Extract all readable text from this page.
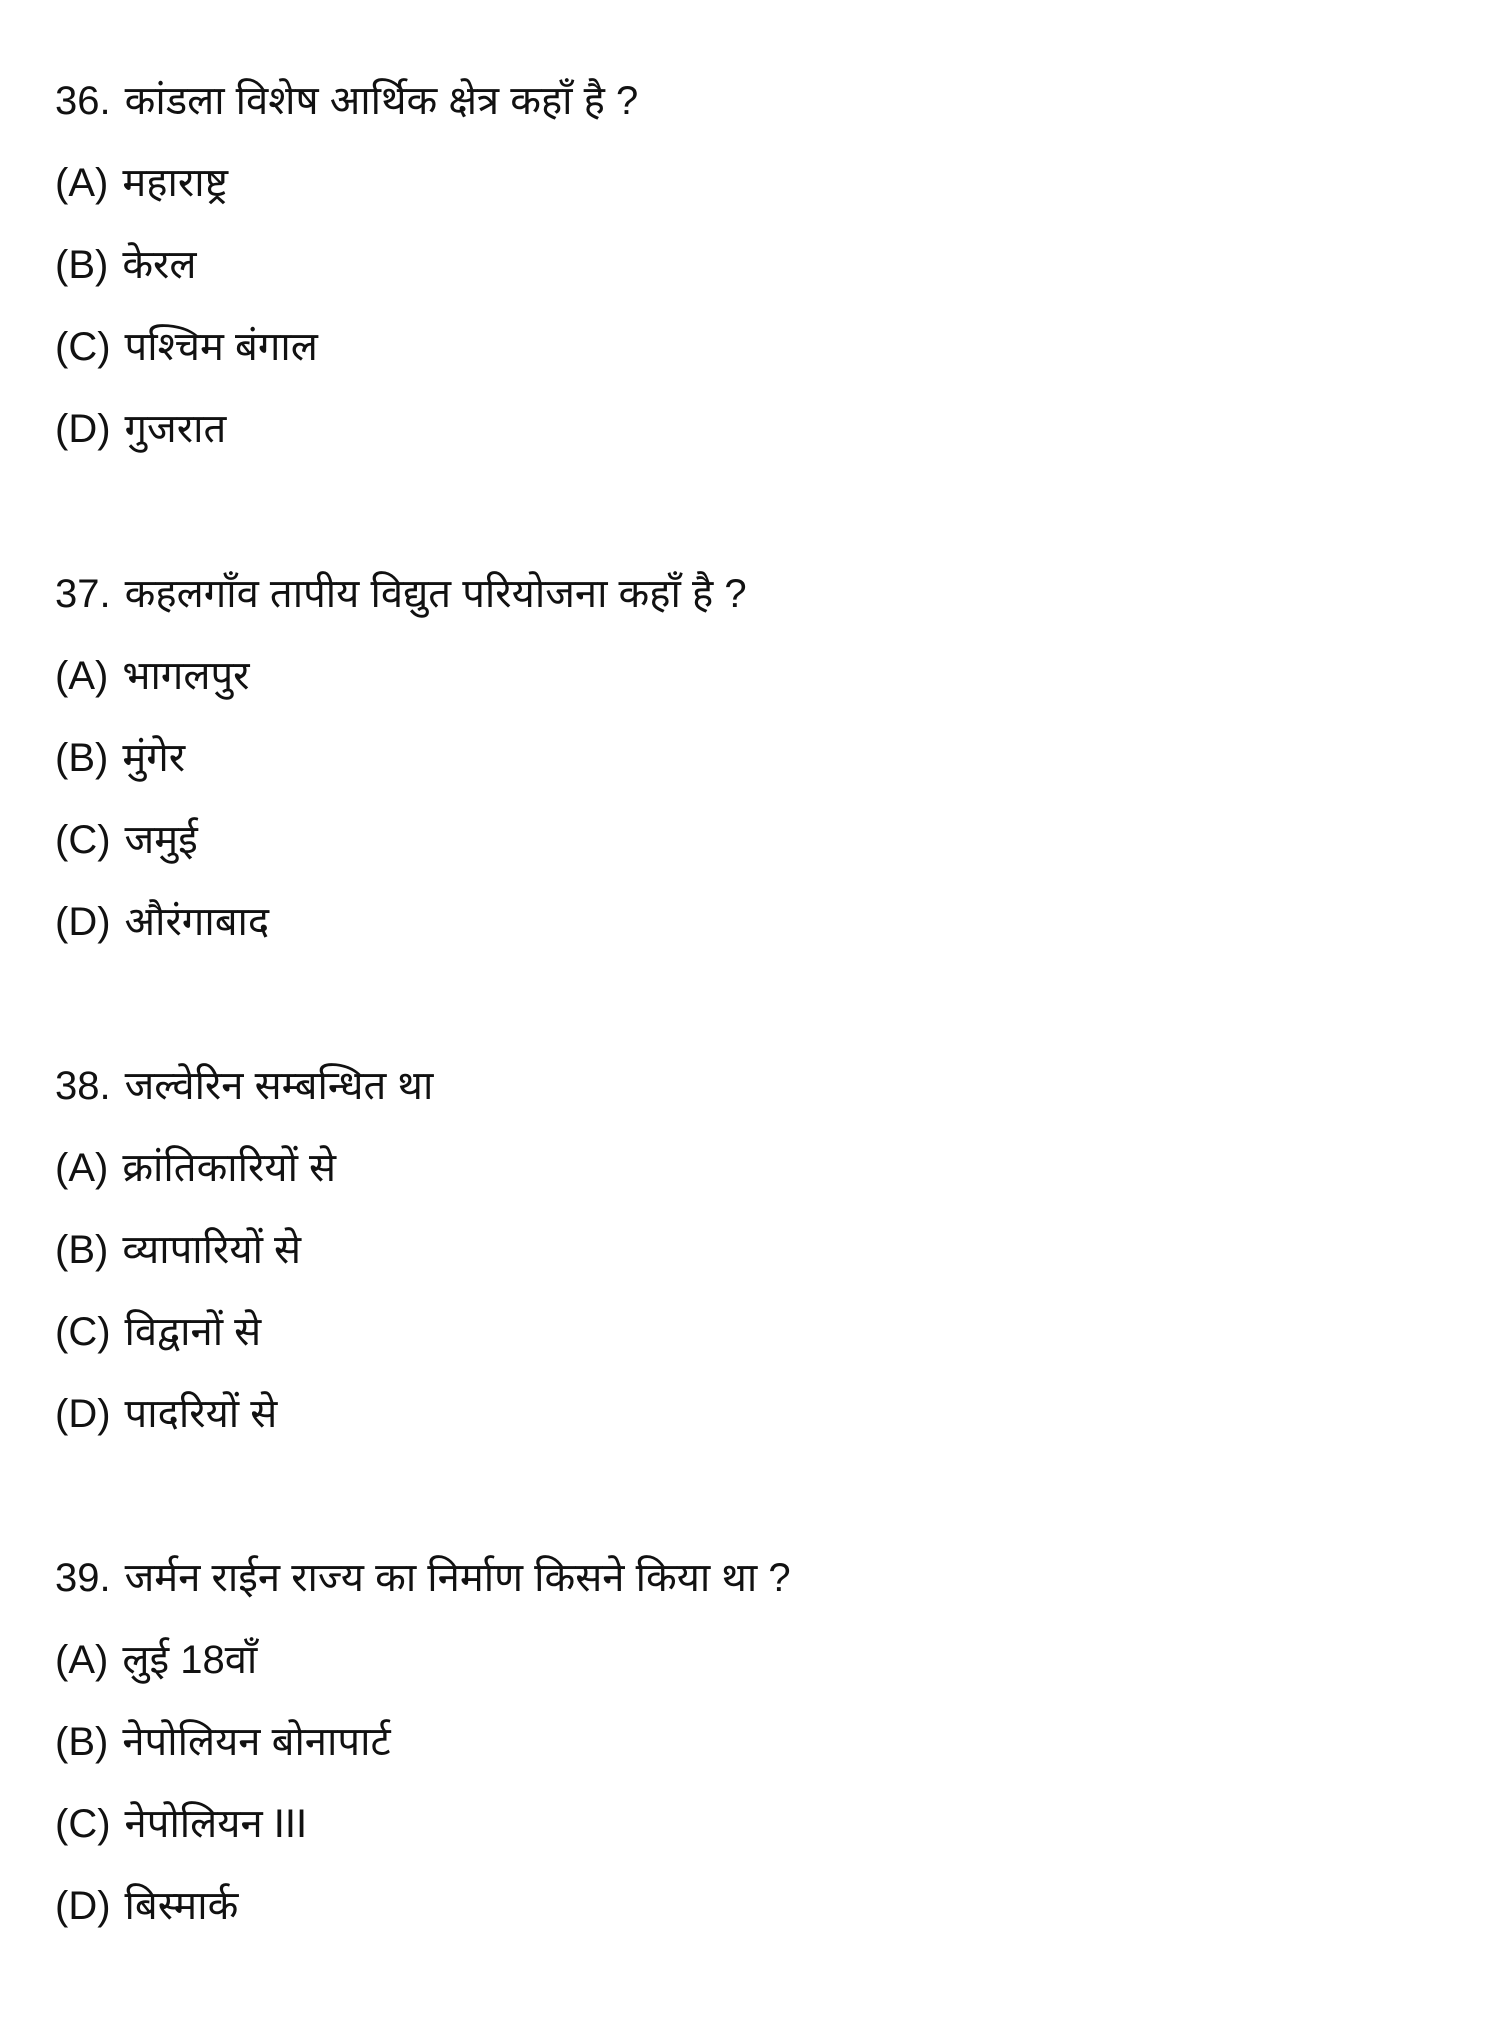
36. कांडला विशेष आर्थिक क्षेत्र कहाँ है ?
(A) महाराष्ट्र
(B) केरल
(C) पश्चिम बंगाल
(D) गुजरात
37. कहलगाँव तापीय विद्युत परियोजना कहाँ है ?
(A) भागलपुर
(B) मुंगेर
(C) जमुई
(D) औरंगाबाद
38. जल्वेरिन सम्बन्धित था
(A) क्रांतिकारियों से
(B) व्यापारियों से
(C) विद्वानों से
(D) पादरियों से
39. जर्मन राईन राज्य का निर्माण किसने किया था ?
(A) लुई 18वाँ
(B) नेपोलियन बोनापार्ट
(C) नेपोलियन III
(D) बिस्मार्क
